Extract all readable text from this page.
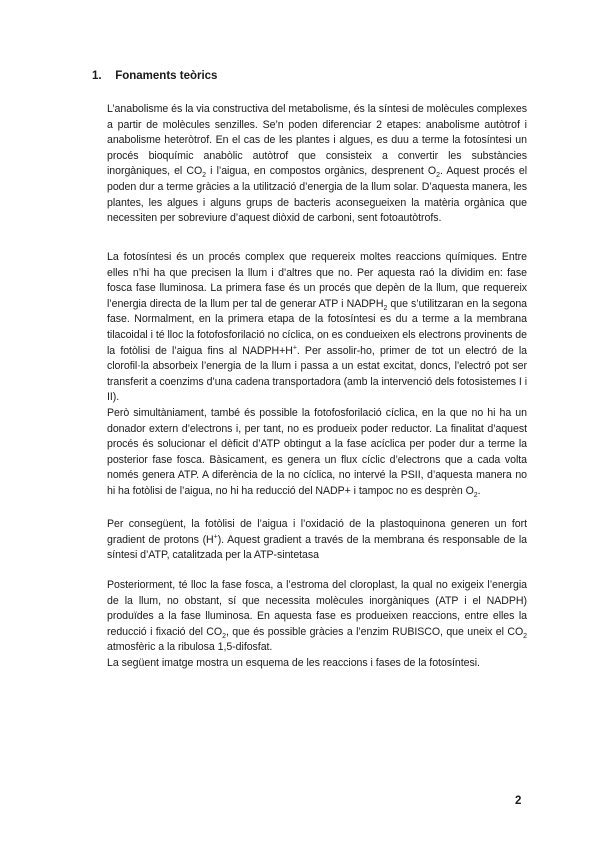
1. Fonaments teòrics

L’anabolisme és la via constructiva del metabolisme, és la síntesi de molècules complexes a partir de molècules senzilles. Se’n poden diferenciar 2 etapes: anabolisme autòtrof i anabolisme heteròtrof. En el cas de les plantes i algues, es duu a terme la fotosíntesi un procés bioquímic anabòlic autòtrof que consisteix a convertir les substàncies inorgàniques, el $CO_2$ i l’aigua, en compostos orgànics, desprenent $O_2$. Aquest procés el poden dur a terme gràcies a la utilització d’energia de la llum solar. D’aquesta manera, les plantes, les algues i alguns grups de bacteris aconsegueixen la matèria orgànica que necessiten per sobreviure d’aquest diòxid de carboni, sent fotoautòtrofs.

La fotosíntesi és un procés complex que requereix moltes reaccions químiques. Entre elles n’hi ha que precisen la llum i d’altres que no. Per aquesta raó la dividim en: fase fosca fase lluminosa. La primera fase és un procés que depèn de la llum, que requereix l’energia directa de la llum per tal de generar ATP i $NADPH_2$ que s’utilitzaran en la segona fase. Normalment, en la primera etapa de la fotosíntesi es du a terme a la membrana tilacoidal i té lloc la fotofosforilació no cíclica, on es condueixen els electrons provinents de la fotòlisi de l’aigua fins al NADPH+H+. Per assolir-ho, primer de tot un electró de la clorofil·la absorbeix l’energia de la llum i passa a un estat excitat, doncs, l’electró pot ser transferit a coenzims d’una cadena transportadora (amb la intervenció dels fotosistemes I i II).
Però simultàniament, també és possible la fotofosforilació cíclica, en la que no hi ha un donador extern d’electrons i, per tant, no es produeix poder reductor. La finalitat d’aquest procés és solucionar el dèficit d’ATP obtingut a la fase acíclica per poder dur a terme la posterior fase fosca. Bàsicament, es genera un flux cíclic d’electrons que a cada volta només genera ATP. A diferència de la no cíclica, no intervé la PSII, d’aquesta manera no hi ha fotòlisi de l’aigua, no hi ha reducció del NADP+ i tampoc no es desprèn $O_2$.

Per consegüent, la fotòlisi de l’aigua i l’oxidació de la plastoquinona generen un fort gradient de protons (H+). Aquest gradient a través de la membrana és responsable de la síntesi d’ATP, catalitzada per la ATP-sintetasa

Posteriorment, té lloc la fase fosca, a l’estroma del cloroplast, la qual no exigeix l’energia de la llum, no obstant, sí que necessita molècules inorgàniques (ATP i el NADPH) produïdes a la fase lluminosa. En aquesta fase es produeixen reaccions, entre elles la reducció i fixació del $CO_2$, que és possible gràcies a l’enzim RUBISCO, que uneix el $CO_2$ atmosfèric a la ribulosa 1,5-difosfat.

La següent imatge mostra un esquema de les reaccions i fases de la fotosíntesi.

2
